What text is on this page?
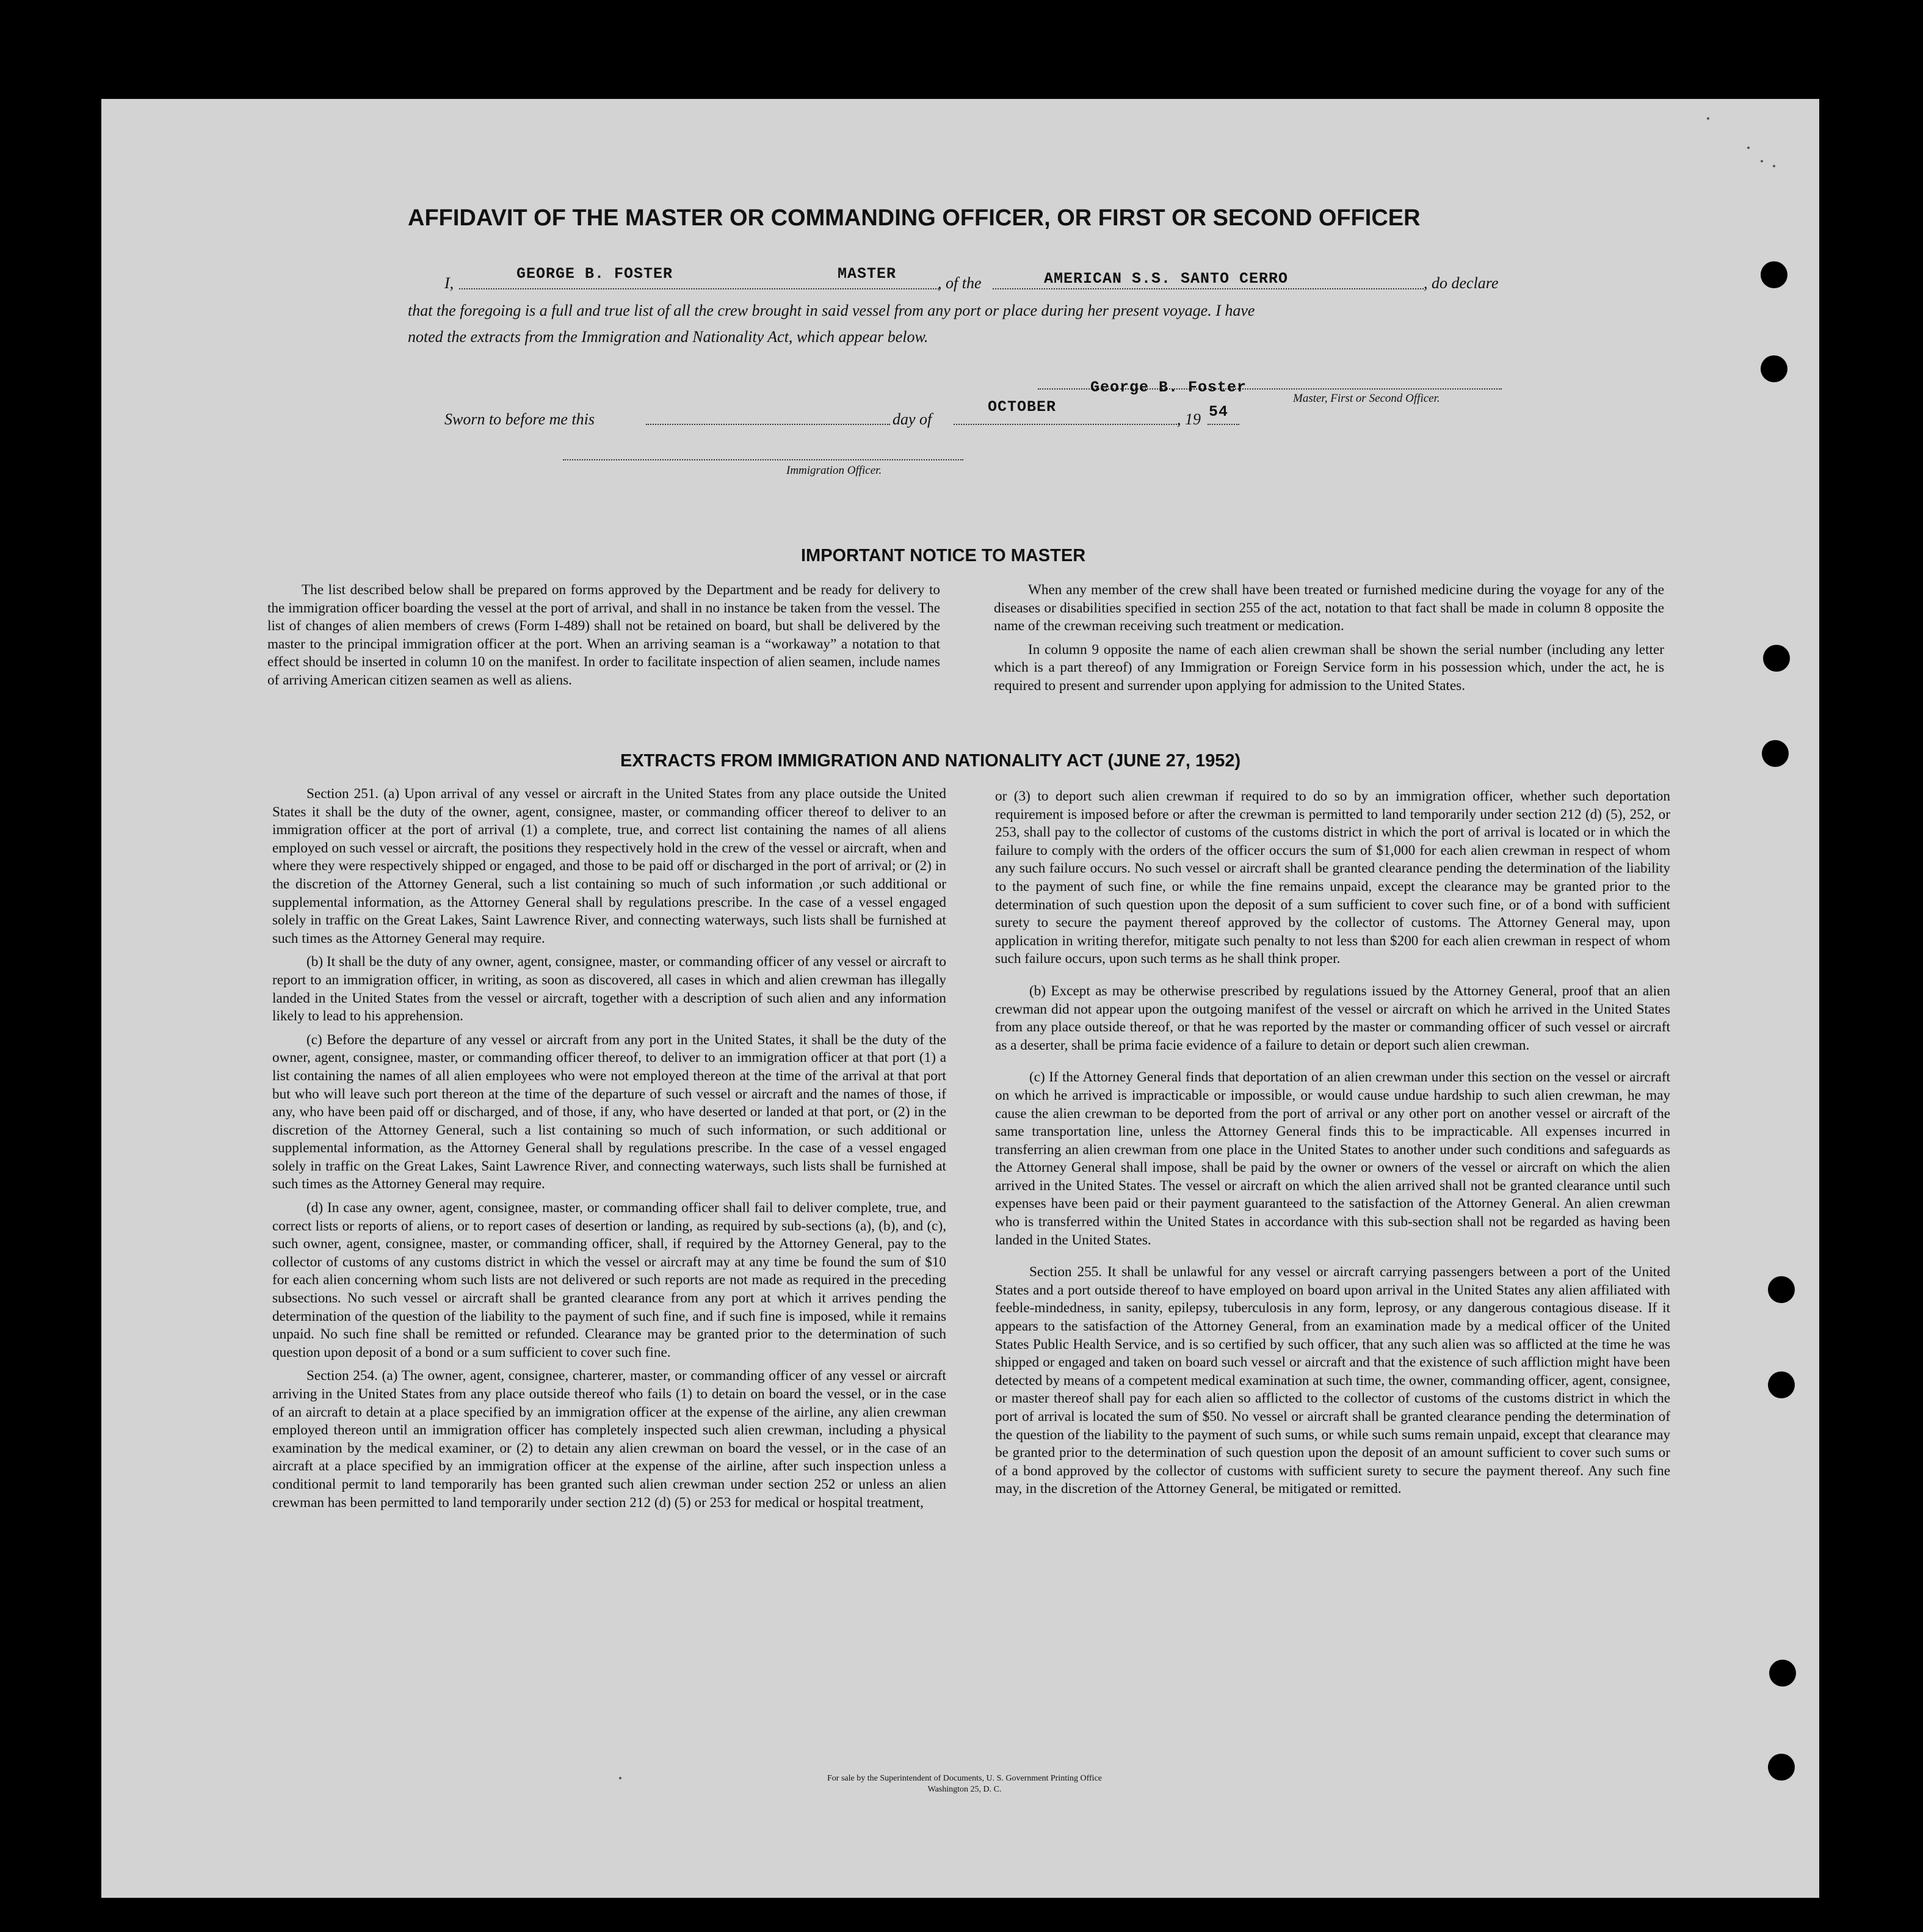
AFFIDAVIT OF THE MASTER OR COMMANDING OFFICER, OR FIRST OR SECOND OFFICER
I,
GEORGE B. FOSTER	MASTER
, of the	AMERICAN S.S. SANTO CERRO	, do declare
that the foregoing is a full and true list of all the crew brought in said vessel from any port or place during her present voyage. I have
noted the extracts from the Immigration and Nationality Act, which appear below.
George B. Foster
Master, First or Second Officer.
Sworn to before me this	day of
OCTOBER
, 19 54
Immigration Officer.
IMPORTANT NOTICE TO MASTER

The list described below shall be prepared on forms approved by the Department and be ready for delivery to the immigration officer boarding the vessel at the port of arrival, and shall in no instance be taken from the vessel. The list of changes of alien members of crews (Form I-489) shall not be retained on board, but shall be delivered by the master to the principal immigration officer at the port. When an arriving seaman is a “workaway” a notation to that effect should be inserted in column 10 on the manifest. In order to facilitate inspection of alien seamen, include names of arriving American citizen seamen as well as aliens.

When any member of the crew shall have been treated or furnished medicine during the voyage for any of the diseases or disabilities specified in section 255 of the act, notation to that fact shall be made in column 8 opposite the name of the crewman receiving such treatment or medication.

In column 9 opposite the name of each alien crewman shall be shown the serial number (including any letter which is a part thereof) of any Immigration or Foreign Service form in his possession which, under the act, he is required to present and surrender upon applying for admission to the United States.

EXTRACTS FROM IMMIGRATION AND NATIONALITY ACT (JUNE 27, 1952)

Section 251. (a) Upon arrival of any vessel or aircraft in the United States from any place outside the United States it shall be the duty of the owner, agent, consignee, master, or commanding officer thereof to deliver to an immigration officer at the port of arrival (1) a complete, true, and correct list containing the names of all aliens employed on such vessel or aircraft, the positions they respectively hold in the crew of the vessel or aircraft, when and where they were respectively shipped or engaged, and those to be paid off or discharged in the port of arrival; or (2) in the discretion of the Attorney General, such a list containing so much of such information ,or such additional or supplemental information, as the Attorney General shall by regulations prescribe. In the case of a vessel engaged solely in traffic on the Great Lakes, Saint Lawrence River, and connecting waterways, such lists shall be furnished at such times as the Attorney General may require.

(b) It shall be the duty of any owner, agent, consignee, master, or commanding officer of any vessel or aircraft to report to an immigration officer, in writing, as soon as discovered, all cases in which and alien crewman has illegally landed in the United States from the vessel or aircraft, together with a description of such alien and any information likely to lead to his apprehension.

(c) Before the departure of any vessel or aircraft from any port in the United States, it shall be the duty of the owner, agent, consignee, master, or commanding officer thereof, to deliver to an immigration officer at that port (1) a list containing the names of all alien employees who were not employed thereon at the time of the arrival at that port but who will leave such port thereon at the time of the departure of such vessel or aircraft and the names of those, if any, who have been paid off or discharged, and of those, if any, who have deserted or landed at that port, or (2) in the discretion of the Attorney General, such a list containing so much of such information, or such additional or supplemental information, as the Attorney General shall by regulations prescribe. In the case of a vessel engaged solely in traffic on the Great Lakes, Saint Lawrence River, and connecting waterways, such lists shall be furnished at such times as the Attorney General may require.

(d) In case any owner, agent, consignee, master, or commanding officer shall fail to deliver complete, true, and correct lists or reports of aliens, or to report cases of desertion or landing, as required by sub-sections (a), (b), and (c), such owner, agent, consignee, master, or commanding officer, shall, if required by the Attorney General, pay to the collector of customs of any customs district in which the vessel or aircraft may at any time be found the sum of $10 for each alien concerning whom such lists are not delivered or such reports are not made as required in the preceding subsections. No such vessel or aircraft shall be granted clearance from any port at which it arrives pending the determination of the question of the liability to the payment of such fine, and if such fine is imposed, while it remains unpaid. No such fine shall be remitted or refunded. Clearance may be granted prior to the determination of such question upon deposit of a bond or a sum sufficient to cover such fine.

Section 254. (a) The owner, agent, consignee, charterer, master, or commanding officer of any vessel or aircraft arriving in the United States from any place outside thereof who fails (1) to detain on board the vessel, or in the case of an aircraft to detain at a place specified by an immigration officer at the expense of the airline, any alien crewman employed thereon until an immigration officer has completely inspected such alien crewman, including a physical examination by the medical examiner, or (2) to detain any alien crewman on board the vessel, or in the case of an aircraft at a place specified by an immigration officer at the expense of the airline, after such inspection unless a conditional permit to land temporarily has been granted such alien crewman under section 252 or unless an alien crewman has been permitted to land temporarily under section 212 (d) (5) or 253 for medical or hospital treatment,

or (3) to deport such alien crewman if required to do so by an immigration officer, whether such deportation requirement is imposed before or after the crewman is permitted to land temporarily under section 212 (d) (5), 252, or 253, shall pay to the collector of customs of the customs district in which the port of arrival is located or in which the failure to comply with the orders of the officer occurs the sum of $1,000 for each alien crewman in respect of whom any such failure occurs. No such vessel or aircraft shall be granted clearance pending the determination of the liability to the payment of such fine, or while the fine remains unpaid, except the clearance may be granted prior to the determination of such question upon the deposit of a sum sufficient to cover such fine, or of a bond with sufficient surety to secure the payment thereof approved by the collector of customs. The Attorney General may, upon application in writing therefor, mitigate such penalty to not less than $200 for each alien crewman in respect of whom such failure occurs, upon such terms as he shall think proper.

(b) Except as may be otherwise prescribed by regulations issued by the Attorney General, proof that an alien crewman did not appear upon the outgoing manifest of the vessel or aircraft on which he arrived in the United States from any place outside thereof, or that he was reported by the master or commanding officer of such vessel or aircraft as a deserter, shall be prima facie evidence of a failure to detain or deport such alien crewman.

(c) If the Attorney General finds that deportation of an alien crewman under this section on the vessel or aircraft on which he arrived is impracticable or impossible, or would cause undue hardship to such alien crewman, he may cause the alien crewman to be deported from the port of arrival or any other port on another vessel or aircraft of the same transportation line, unless the Attorney General finds this to be impracticable. All expenses incurred in transferring an alien crewman from one place in the United States to another under such conditions and safeguards as the Attorney General shall impose, shall be paid by the owner or owners of the vessel or aircraft on which the alien arrived in the United States. The vessel or aircraft on which the alien arrived shall not be granted clearance until such expenses have been paid or their payment guaranteed to the satisfaction of the Attorney General. An alien crewman who is transferred within the United States in accordance with this sub-section shall not be regarded as having been landed in the United States.

Section 255. It shall be unlawful for any vessel or aircraft carrying passengers between a port of the United States and a port outside thereof to have employed on board upon arrival in the United States any alien affiliated with feeble-mindedness, in sanity, epilepsy, tuberculosis in any form, leprosy, or any dangerous contagious disease. If it appears to the satisfaction of the Attorney General, from an examination made by a medical officer of the United States Public Health Service, and is so certified by such officer, that any such alien was so afflicted at the time he was shipped or engaged and taken on board such vessel or aircraft and that the existence of such affliction might have been detected by means of a competent medical examination at such time, the owner, commanding officer, agent, consignee, or master thereof shall pay for each alien so afflicted to the collector of customs of the customs district in which the port of arrival is located the sum of $50. No vessel or aircraft shall be granted clearance pending the determination of the question of the liability to the payment of such sums, or while such sums remain unpaid, except that clearance may be granted prior to the determination of such question upon the deposit of an amount sufficient to cover such sums or of a bond approved by the collector of customs with sufficient surety to secure the payment thereof. Any such fine may, in the discretion of the Attorney General, be mitigated or remitted.

For sale by the Superintendent of Documents, U. S. Government Printing Office
Washington 25, D. C.
